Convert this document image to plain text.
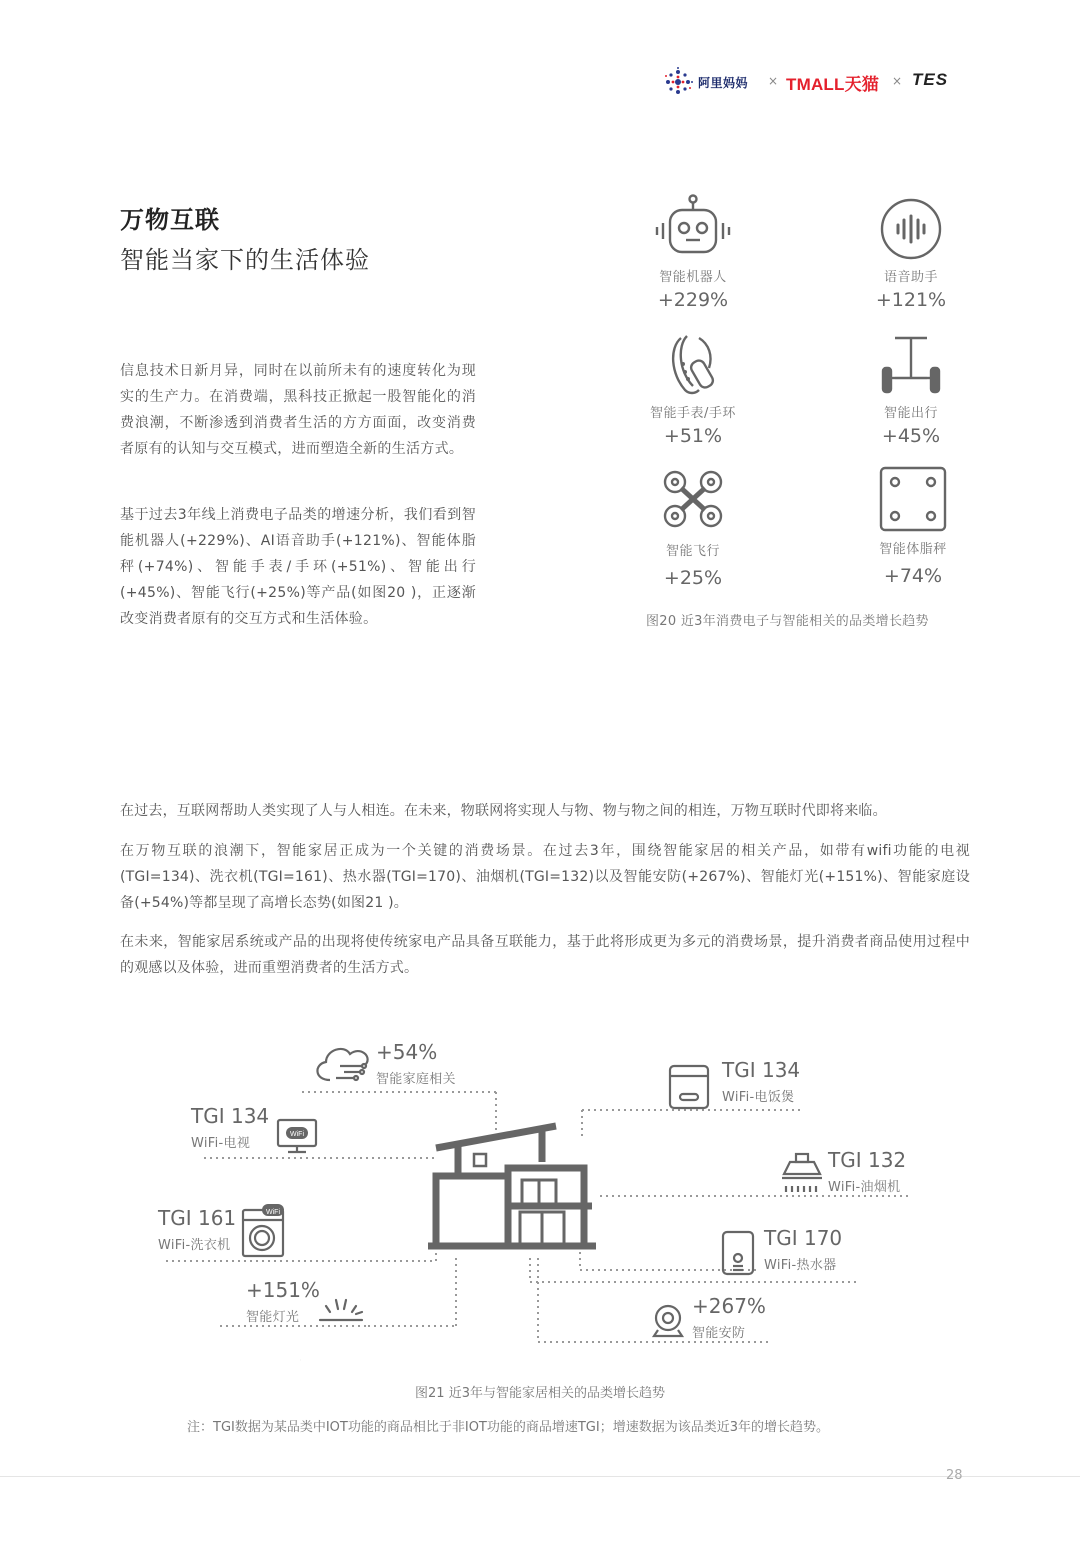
阿里妈妈 × TMALL天猫 × TES
万物互联
智能当家下的生活体验
信息技术日新月异，同时在以前所未有的速度转化为现实的生产力。在消费端，黑科技正掀起一股智能化的消费浪潮，不断渗透到消费者生活的方方面面，改变消费者原有的认知与交互模式，进而塑造全新的生活方式。
基于过去3年线上消费电子品类的增速分析，我们看到智能机器人(+229%)、AI语音助手(+121%)、智能体脂秤(+74%)、智能手表/手环(+51%)、智能出行(+45%)、智能飞行(+25%)等产品(如图20 )，正逐渐改变消费者原有的交互方式和生活体验。
智能机器人
+229%
语音助手
+121%
智能手表/手环
+51%
智能出行
+45%
智能飞行
+25%
智能体脂秤
+74%
图20 近3年消费电子与智能相关的品类增长趋势
在过去，互联网帮助人类实现了人与人相连。在未来，物联网将实现人与物、物与物之间的相连，万物互联时代即将来临。
在万物互联的浪潮下，智能家居正成为一个关键的消费场景。在过去3年，围绕智能家居的相关产品，如带有wifi功能的电视(TGI=134)、洗衣机(TGI=161)、热水器(TGI=170)、油烟机(TGI=132)以及智能安防(+267%)、智能灯光(+151%)、智能家庭设备(+54%)等都呈现了高增长态势(如图21 )。
在未来，智能家居系统或产品的出现将使传统家电产品具备互联能力，基于此将形成更为多元的消费场景，提升消费者商品使用过程中的观感以及体验，进而重塑消费者的生活方式。
WiFi
WiFi
+54%
智能家庭相关
TGI 134
WiFi-电视
TGI 161
WiFi-洗衣机
+151%
智能灯光
TGI 134
WiFi-电饭煲
TGI 132
WiFi-油烟机
TGI 170
WiFi-热水器
+267%
智能安防
图21 近3年与智能家居相关的品类增长趋势
注：TGI数据为某品类中IOT功能的商品相比于非IOT功能的商品增速TGI；增速数据为该品类近3年的增长趋势。
28
